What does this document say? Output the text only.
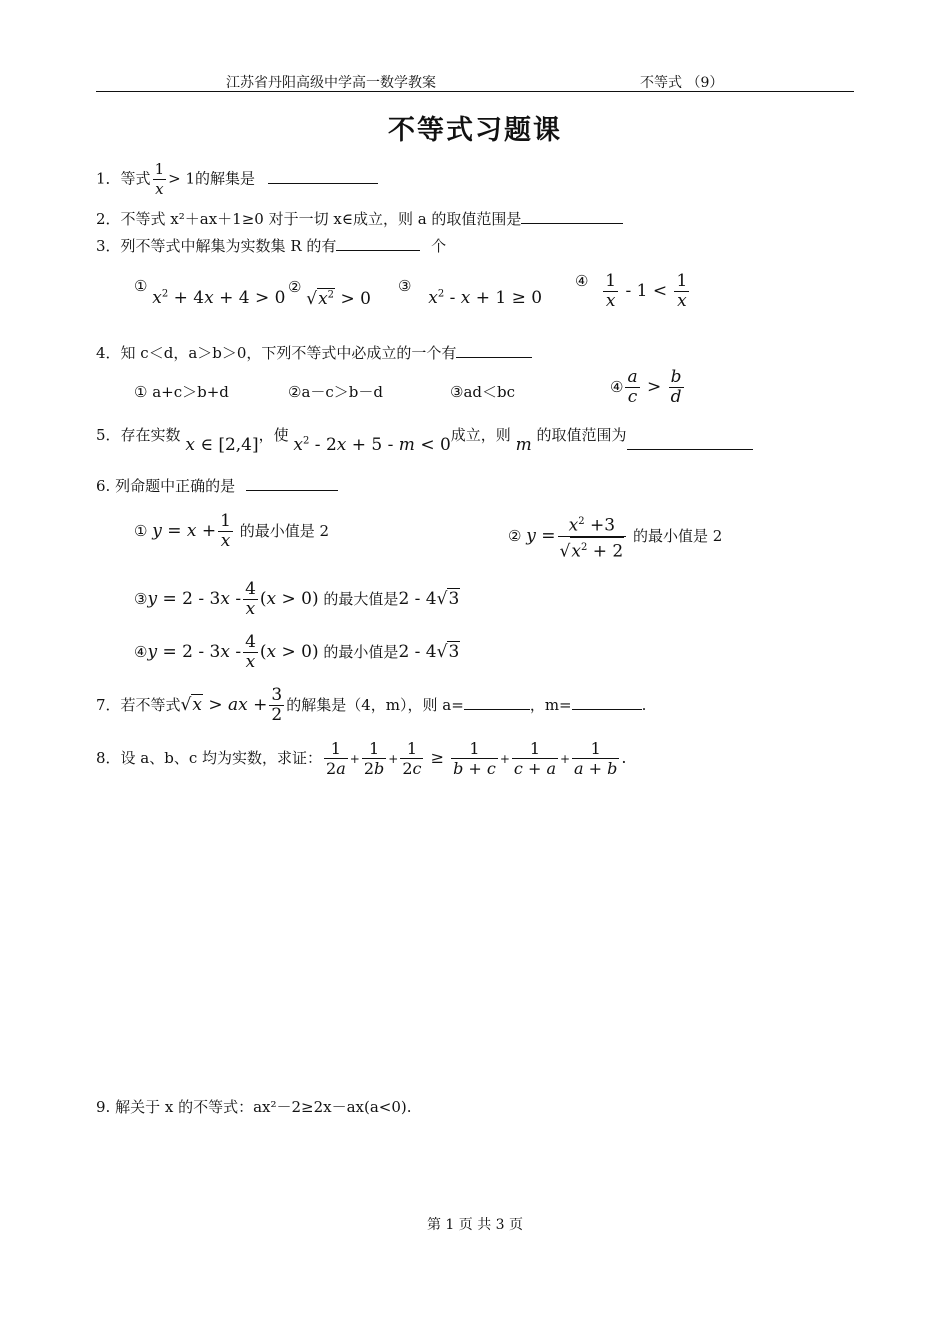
江苏省丹阳高级中学高一数学教案	不等式 （9）
不等式习题课
1．等式 $\frac{1}{x} > 1$的解集是
2．不等式 x²＋ax＋1≥0 对于一切 x∈成立，则 a 的取值范围是
3．列不等式中解集为实数集 R 的有	个
① $x^2 + 4x + 4 > 0$
② $√x^2 > 0$
③ $x^2 - x + 1 \ge 0$
④ $\frac{1}{x} - 1 < \frac{1}{x}$
4．知 c＜d，a＞b＞0，下列不等式中必成立的一个有
① a+c＞b+d	②a－c＞b－d	③ad＜bc	④ $\frac{a}{c} > \frac{b}{d}$
5．存在实数 x ∈ [2,4]，使 $x^2 - 2x + 5 - m < 0$成立，则 m 的取值范围为
6. 列命题中正确的是
① $y = x + \frac{1}{x}$ 的最小值是 2	② $y = \frac{x^2 +3}{√x^2 + 2}$ 的最小值是 2
③y = $2 - 3x - \frac{4}{x} (x > 0)$ 的最大值是2 - 4√3
④y = $2 - 3x - \frac{4}{x} (x > 0)$ 的最小值是2 - 4√3
7．若不等式√x > ax + $\frac{3}{2}$ 的解集是（4，m），则 a=	，m=	.
8．设 a、b、c 均为实数，求证： $\frac{1}{2a} + \frac{1}{2b} + \frac{1}{2c} \ge \frac{1}{b + c} + \frac{1}{c + a} + \frac{1}{a + b}$ .
9. 解关于 x 的不等式：ax²－2≥2x－ax(a<0).
第 1 页 共 3 页
